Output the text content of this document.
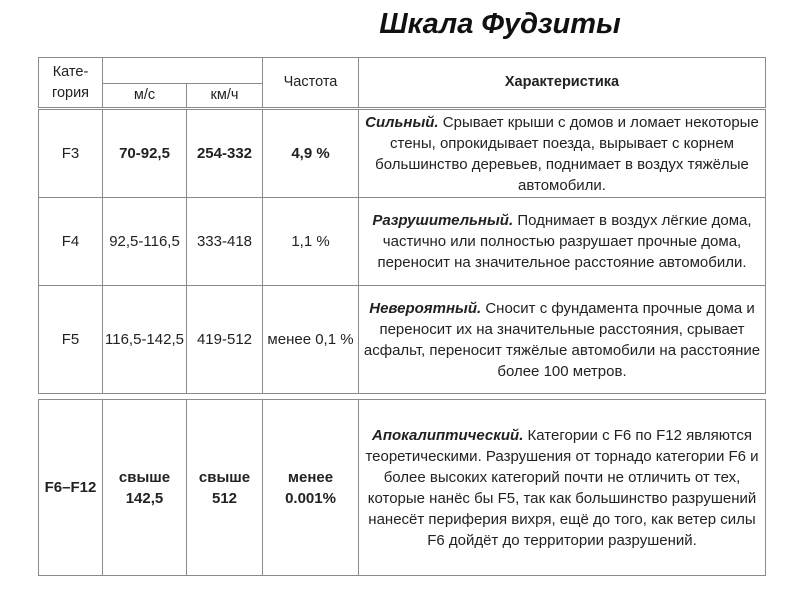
Шкала Фудзиты
Кате-
гория			Частота	Характеристика
	м/с	км/ч		
F3	70-92,5	254-332	4,9 %	Сильный. Срывает крыши с домов и ломает некоторые стены, опрокидывает поезда, вырывает с корнем большинство деревьев, поднимает в воздух тяжёлые автомобили.
F4	92,5-116,5	333-418	1,1 %	Разрушительный. Поднимает в воздух лёгкие дома, частично или полностью разрушает прочные дома, переносит на значительное расстояние автомобили.
F5	116,5-142,5	419-512	менее 0,1 %	Невероятный. Сносит с фундамента прочные дома и переносит их на значительные расстояния, срывает асфальт, переносит тяжёлые автомобили на расстояние более 100 метров.
F6–F12	свыше 142,5	свыше 512	менее 0.001%	Апокалиптический. Категории с F6 по F12 являются теоретическими. Разрушения от торнадо категории F6 и более высоких категорий почти не отличить от тех, которые нанёс бы F5, так как большинство разрушений нанесёт периферия вихря, ещё до того, как ветер силы F6 дойдёт до территории разрушений.
